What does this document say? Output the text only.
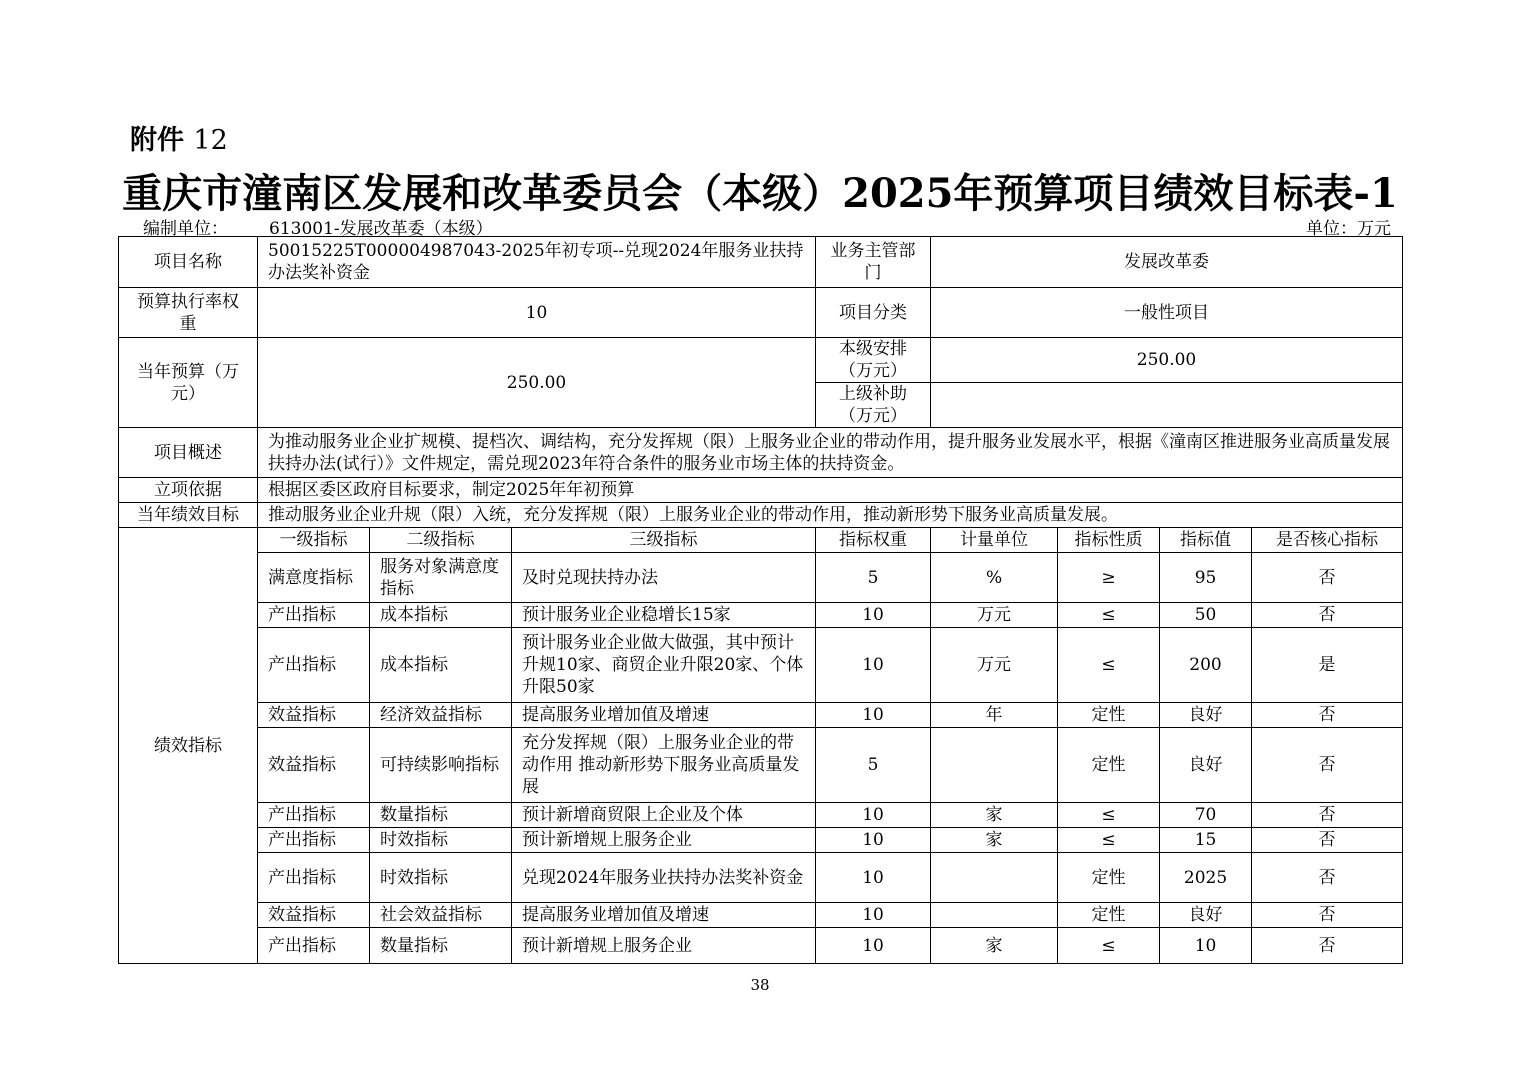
附件 12
重庆市潼南区发展和改革委员会（本级）2025年预算项目绩效目标表-1
编制单位： 613001-发展改革委（本级）	单位：万元
项目名称	50015225T000004987043-2025年初专项--兑现2024年服务业扶持办法奖补资金			业务主管部门	发展改革委			
预算执行率权重	10			项目分类	一般性项目			
当年预算（万元）	250.00			本级安排（万元）	250.00			
				上级补助（万元）				
项目概述	为推动服务业企业扩规模、提档次、调结构，充分发挥规（限）上服务业企业的带动作用，提升服务业发展水平，根据《潼南区推进服务业高质量发展扶持办法(试行）》文件规定，需兑现2023年符合条件的服务业市场主体的扶持资金。							
立项依据	根据区委区政府目标要求，制定2025年年初预算							
当年绩效目标	推动服务业企业升规（限）入统，充分发挥规（限）上服务业企业的带动作用，推动新形势下服务业高质量发展。							
绩效指标	一级指标	二级指标	三级指标	指标权重	计量单位	指标性质	指标值	是否核心指标
	满意度指标	服务对象满意度指标	及时兑现扶持办法	5	%	≥	95	否
	产出指标	成本指标	预计服务业企业稳增长15家	10	万元	≤	50	否
	产出指标	成本指标	预计服务业企业做大做强，其中预计升规10家、商贸企业升限20家、个体升限50家	10	万元	≤	200	是
	效益指标	经济效益指标	提高服务业增加值及增速	10	年	定性	良好	否
	效益指标	可持续影响指标	充分发挥规（限）上服务业企业的带动作用 推动新形势下服务业高质量发展	5		定性	良好	否
	产出指标	数量指标	预计新增商贸限上企业及个体	10	家	≤	70	否
	产出指标	时效指标	预计新增规上服务企业	10	家	≤	15	否
	产出指标	时效指标	兑现2024年服务业扶持办法奖补资金	10		定性	2025	否
	效益指标	社会效益指标	提高服务业增加值及增速	10		定性	良好	否
	产出指标	数量指标	预计新增规上服务企业	10	家	≤	10	否
38
